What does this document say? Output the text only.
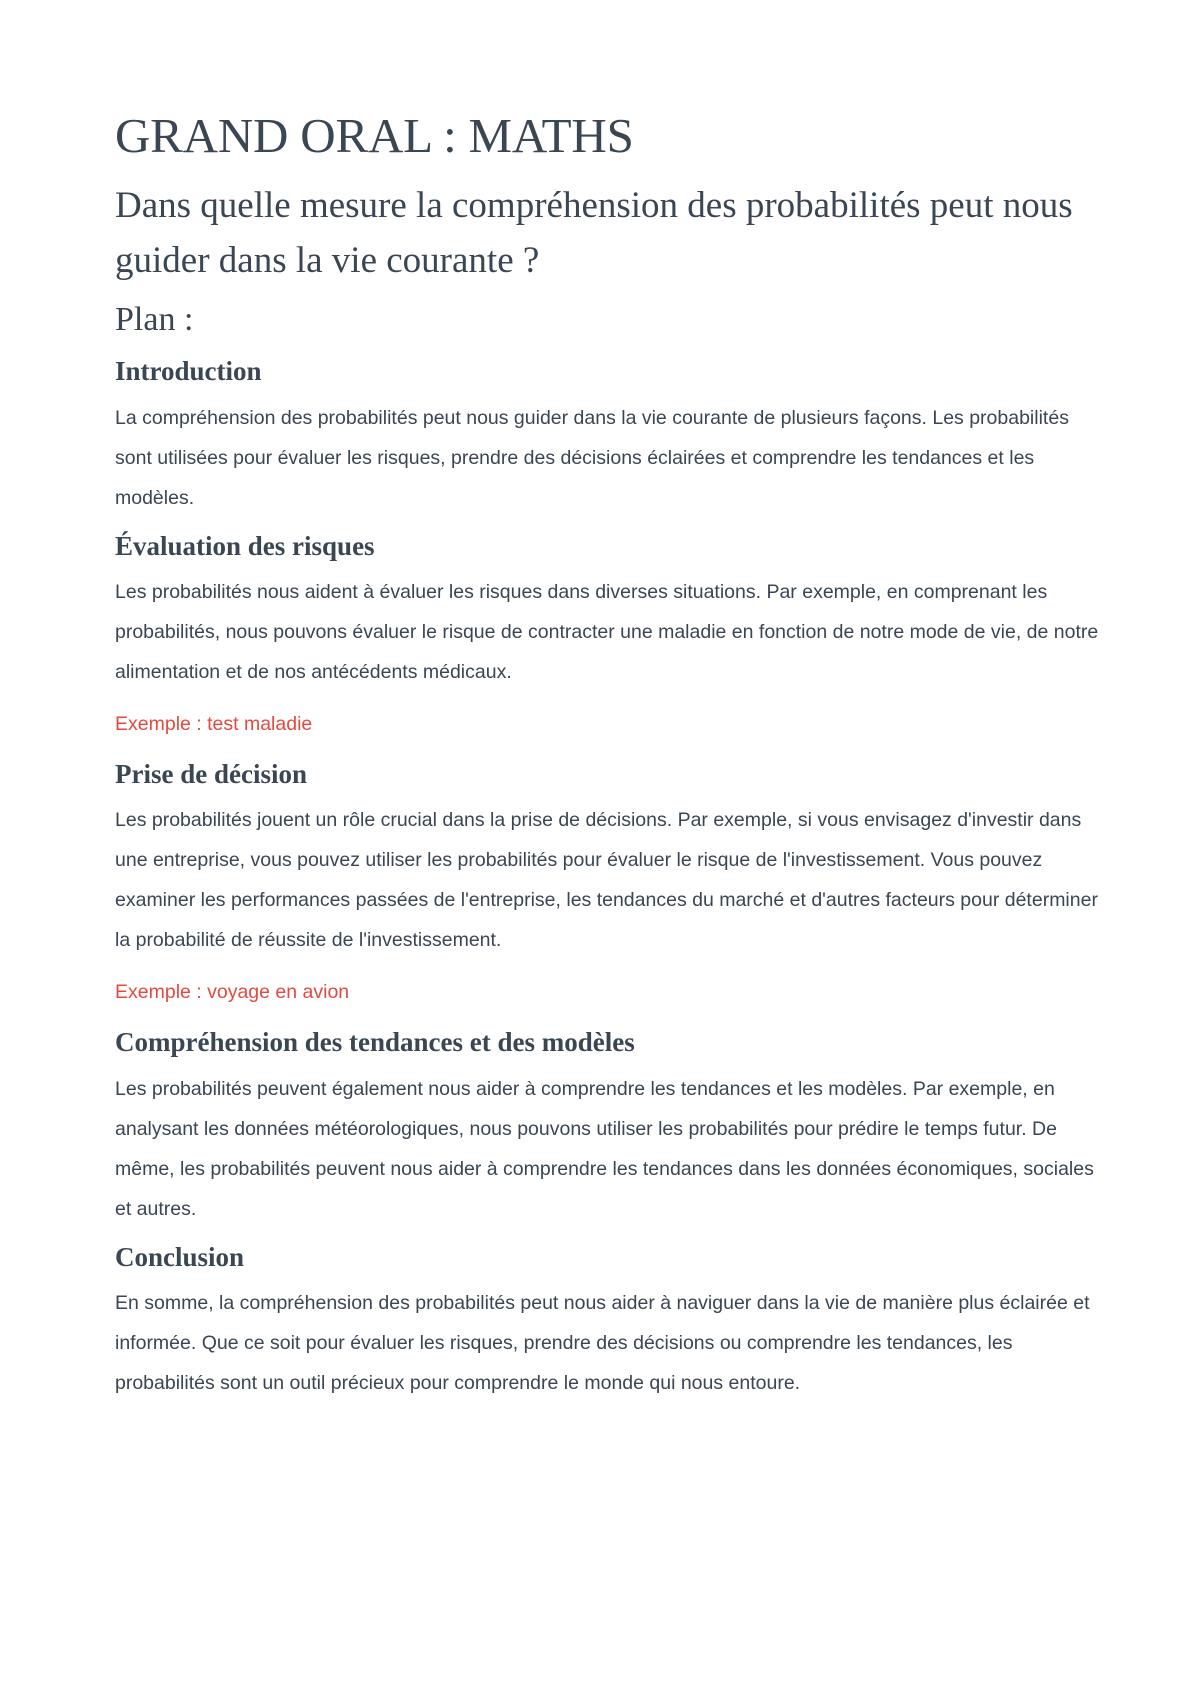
GRAND ORAL : MATHS
Dans quelle mesure la compréhension des probabilités peut nous guider dans la vie courante ?
Plan :
Introduction

La compréhension des probabilités peut nous guider dans la vie courante de plusieurs façons. Les probabilités sont utilisées pour évaluer les risques, prendre des décisions éclairées et comprendre les tendances et les modèles.

Évaluation des risques

Les probabilités nous aident à évaluer les risques dans diverses situations. Par exemple, en comprenant les probabilités, nous pouvons évaluer le risque de contracter une maladie en fonction de notre mode de vie, de notre alimentation et de nos antécédents médicaux.

Exemple : test maladie

Prise de décision

Les probabilités jouent un rôle crucial dans la prise de décisions. Par exemple, si vous envisagez d'investir dans une entreprise, vous pouvez utiliser les probabilités pour évaluer le risque de l'investissement. Vous pouvez examiner les performances passées de l'entreprise, les tendances du marché et d'autres facteurs pour déterminer la probabilité de réussite de l'investissement.

Exemple : voyage en avion

Compréhension des tendances et des modèles

Les probabilités peuvent également nous aider à comprendre les tendances et les modèles. Par exemple, en analysant les données météorologiques, nous pouvons utiliser les probabilités pour prédire le temps futur. De même, les probabilités peuvent nous aider à comprendre les tendances dans les données économiques, sociales et autres.

Conclusion

En somme, la compréhension des probabilités peut nous aider à naviguer dans la vie de manière plus éclairée et informée. Que ce soit pour évaluer les risques, prendre des décisions ou comprendre les tendances, les probabilités sont un outil précieux pour comprendre le monde qui nous entoure.
